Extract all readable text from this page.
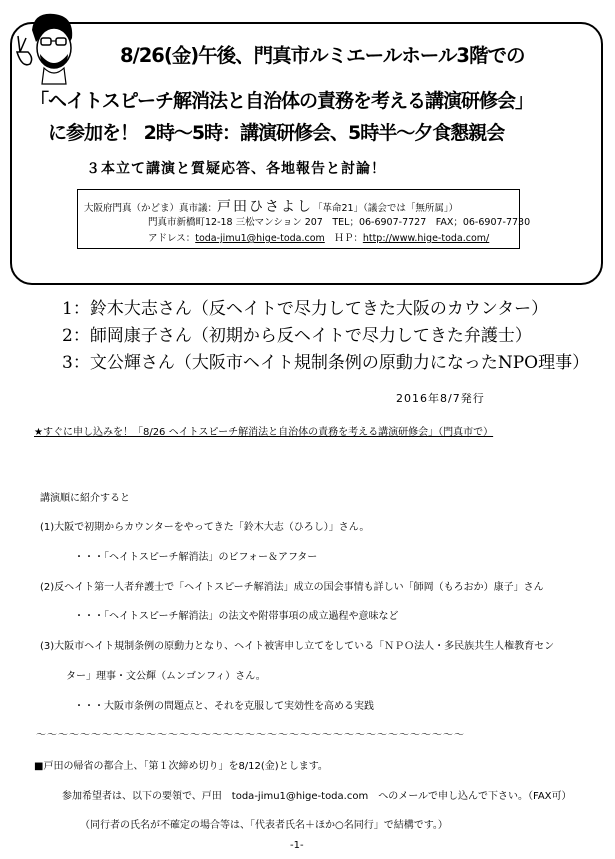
8/26(金)午後、門真市ルミエールホール3階での
「ヘイトスピーチ解消法と自治体の責務を考える講演研修会」
に参加を！ 2時～5時：講演研修会、5時半～夕食懇親会
３本立て講演と質疑応答、各地報告と討論！
大阪府門真（かどま）真市議：戸田ひさよし「革命21」（議会では「無所属」）
門真市新橋町12-18 三松マンション 207　TEL；06-6907-7727　FAX；06-6907-7730
アドレス：toda-jimu1@hige-toda.com　 ＨＰ：http://www.hige-toda.com/
1：鈴木大志さん（反ヘイトで尽力してきた大阪のカウンター）
2：師岡康子さん（初期から反ヘイトで尽力してきた弁護士）
3：文公輝さん（大阪市ヘイト規制条例の原動力になったNPO理事）
2016年8/7発行
★すぐに申し込みを！「8/26 ヘイトスピーチ解消法と自治体の責務を考える講演研修会」（門真市で）
講演順に紹介すると
(1)大阪で初期からカウンターをやってきた「鈴木大志（ひろし）」さん。
・・・「ヘイトスピーチ解消法」のビフォー＆アフター
(2)反ヘイト第一人者弁護士で「ヘイトスピーチ解消法」成立の国会事情も詳しい「師岡（もろおか）康子」さん
・・・「ヘイトスピーチ解消法」の法文や附帯事項の成立過程や意味など
(3)大阪市ヘイト規制条例の原動力となり、ヘイト被害申し立てをしている「ＮＰＯ法人・多民族共生人権教育セン
ター」理事・文公輝（ムンゴンフィ）さん。
・・・大阪市条例の問題点と、それを克服して実効性を高める実践
～～～～～～～～～～～～～～～～～～～～～～～～～～～～～～～～～～～～～～～
■戸田の帰省の都合上、「第１次締め切り」を8/12(金)とします。
参加希望者は、以下の要領で、戸田　toda-jimu1@hige-toda.com　へのメールで申し込んで下さい。（FAX可）
（同行者の氏名が不確定の場合等は、「代表者氏名＋ほか○名同行」で結構です。）
-1-
